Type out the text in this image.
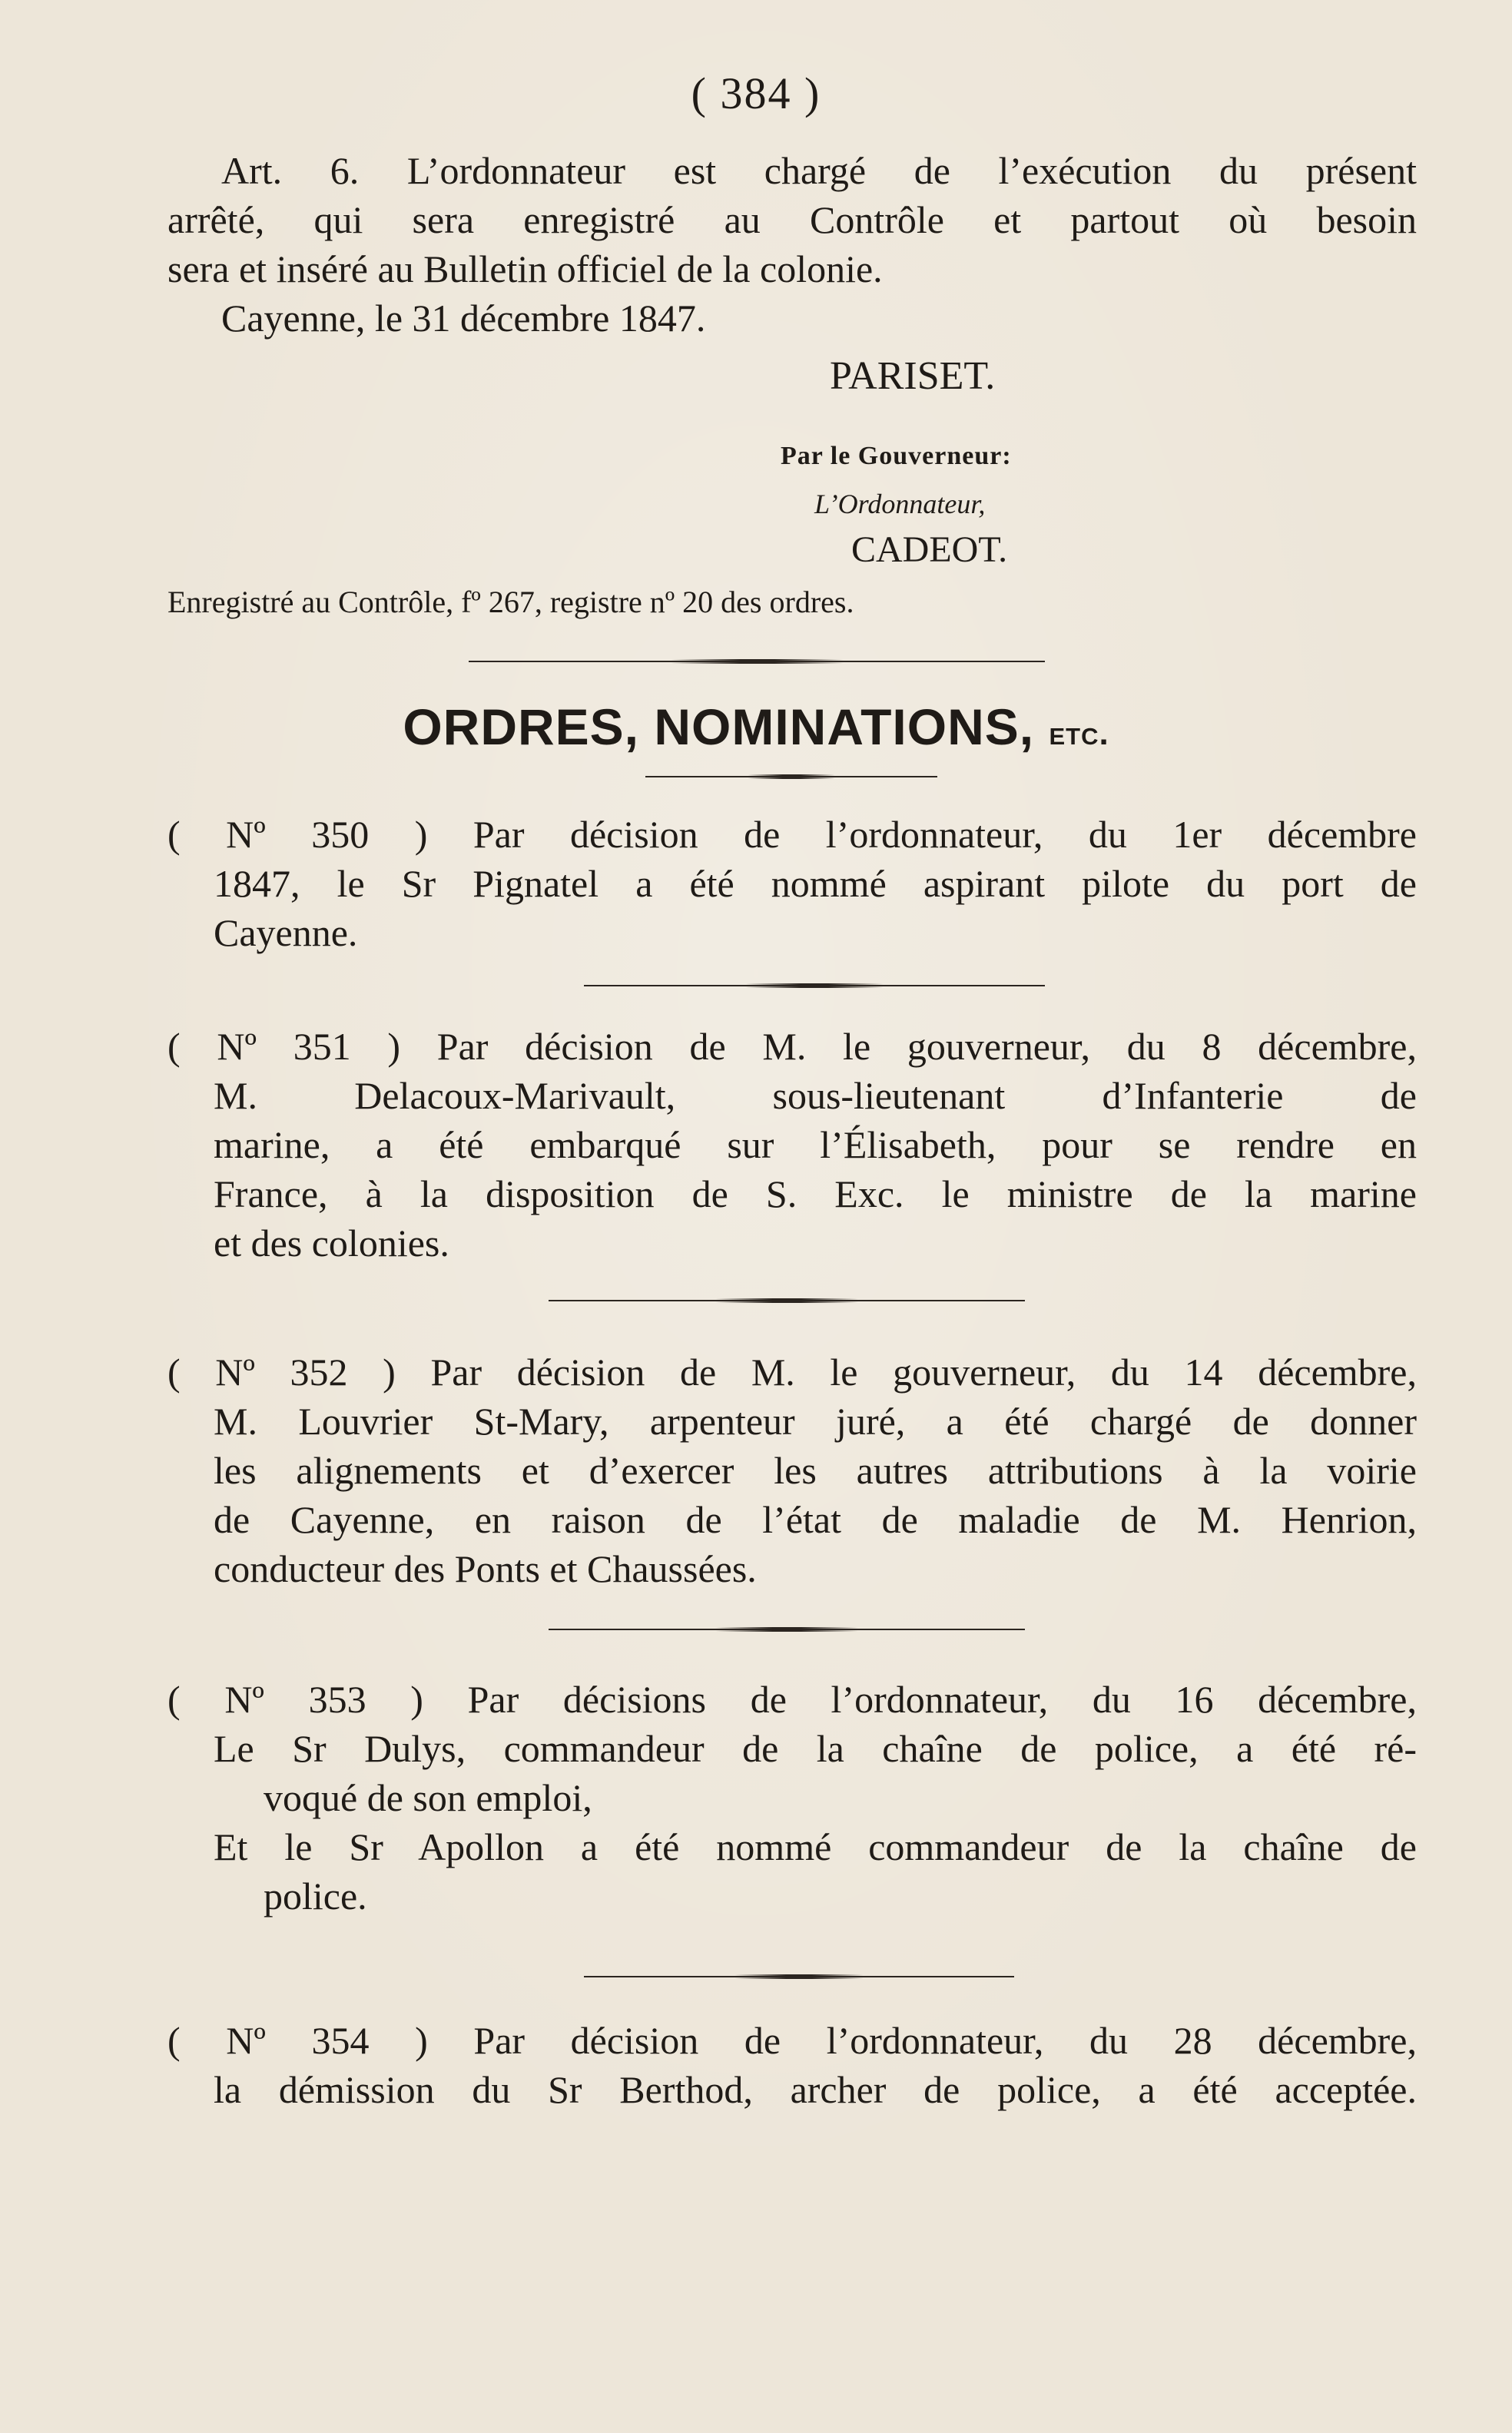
( 384 )
Art. 6. L’ordonnateur est chargé de l’exécution du présent
arrêté, qui sera enregistré au Contrôle et partout où besoin
sera et inséré au Bulletin officiel de la colonie.
Cayenne, le 31 décembre 1847.
PARISET.
Par le Gouverneur:
L’Ordonnateur,
CADEOT.
Enregistré au Contrôle, fº 267, registre nº 20 des ordres.
ORDRES, NOMINATIONS, etc.
( Nº 350 ) Par décision de l’ordonnateur, du 1er décembre
1847, le Sr Pignatel a été nommé aspirant pilote du port de
Cayenne.
( Nº 351 ) Par décision de M. le gouverneur, du 8 décembre,
M. Delacoux-Marivault, sous-lieutenant d’Infanterie de
marine, a été embarqué sur l’Élisabeth, pour se rendre en
France, à la disposition de S. Exc. le ministre de la marine
et des colonies.
( Nº 352 ) Par décision de M. le gouverneur, du 14 décembre,
M. Louvrier St-Mary, arpenteur juré, a été chargé de donner
les alignements et d’exercer les autres attributions à la voirie
de Cayenne, en raison de l’état de maladie de M. Henrion,
conducteur des Ponts et Chaussées.
( Nº 353 ) Par décisions de l’ordonnateur, du 16 décembre,
Le Sr Dulys, commandeur de la chaîne de police, a été ré-
voqué de son emploi,
Et le Sr Apollon a été nommé commandeur de la chaîne de
police.
( Nº 354 ) Par décision de l’ordonnateur, du 28 décembre,
la démission du Sr Berthod, archer de police, a été acceptée.
